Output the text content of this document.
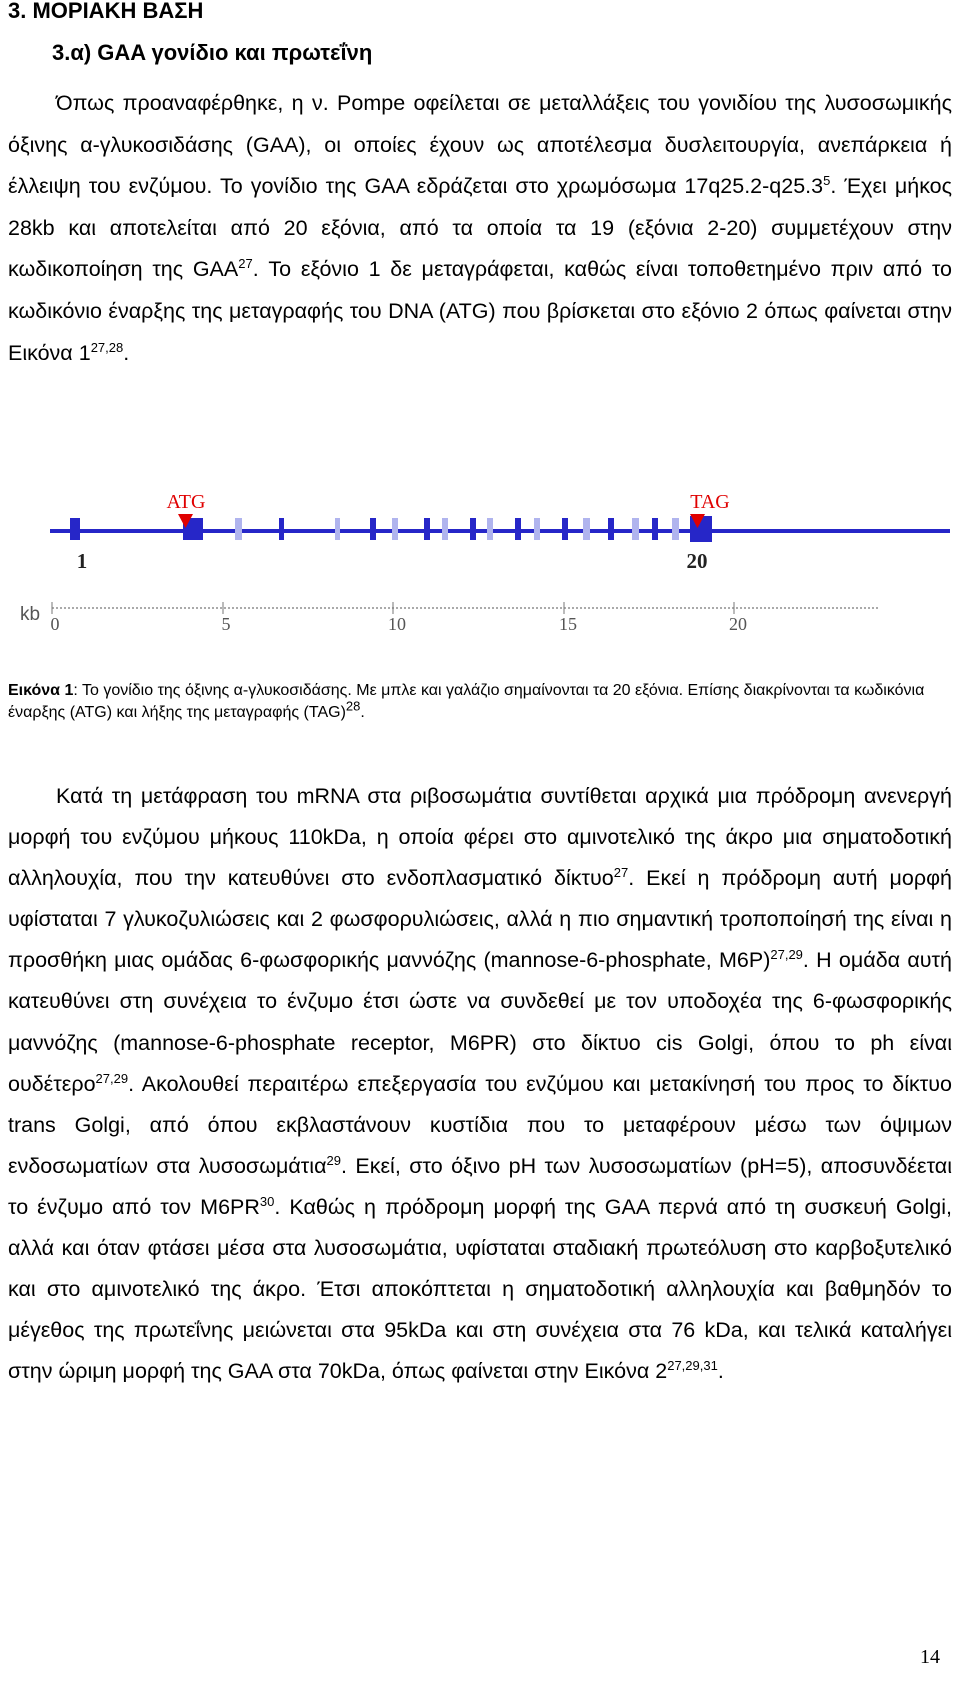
3. ΜΟΡΙΑΚΗ ΒΑΣΗ
3.α) GAA γονίδιο και πρωτεΐνη

Όπως προαναφέρθηκε, η ν. Pompe οφείλεται σε μεταλλάξεις του γονιδίου της λυσοσωμικής όξινης α-γλυκοσιδάσης (GAA), οι οποίες έχουν ως αποτέλεσμα δυσλειτουργία, ανεπάρκεια ή έλλειψη του ενζύμου. Το γονίδιο της GAA εδράζεται στο χρωμόσωμα 17q25.2-q25.3$^5$. Έχει μήκος 28kb και αποτελείται από 20 εξόνια, από τα οποία τα 19 (εξόνια 2-20) συμμετέχουν στην κωδικοποίηση της GAA$^{27}$. Το εξόνιο 1 δε μεταγράφεται, καθώς είναι τοποθετημένο πριν από το κωδικόνιο έναρξης της μεταγραφής του DNA (ATG) που βρίσκεται στο εξόνιο 2 όπως φαίνεται στην Εικόνα 1$^{27,28}$.

ATG	TAG
1	20
kb 0	5	10	15	20

Εικόνα 1: Το γονίδιο της όξινης α-γλυκοσιδάσης. Με μπλε και γαλάζιο σημαίνονται τα 20 εξόνια. Επίσης διακρίνονται τα κωδικόνια έναρξης (ATG) και λήξης της μεταγραφής (TAG)$^{28}$.

Κατά τη μετάφραση του mRNA στα ριβοσωμάτια συντίθεται αρχικά μια πρόδρομη ανενεργή μορφή του ενζύμου μήκους 110kDa, η οποία φέρει στο αμινοτελικό της άκρο μια σηματοδοτική αλληλουχία, που την κατευθύνει στο ενδοπλασματικό δίκτυο$^{27}$. Εκεί η πρόδρομη αυτή μορφή υφίσταται 7 γλυκοζυλιώσεις και 2 φωσφορυλιώσεις, αλλά η πιο σημαντική τροποποίησή της είναι η προσθήκη μιας ομάδας 6-φωσφορικής μαννόζης (mannose-6-phosphate, M6P)$^{27,29}$. Η ομάδα αυτή κατευθύνει στη συνέχεια το ένζυμο έτσι ώστε να συνδεθεί με τον υποδοχέα της 6-φωσφορικής μαννόζης (mannose-6-phosphate receptor, M6PR) στο δίκτυο cis Golgi, όπου το ph είναι ουδέτερο$^{27,29}$. Ακολουθεί περαιτέρω επεξεργασία του ενζύμου και μετακίνησή του προς το δίκτυο trans Golgi, από όπου εκβλαστάνουν κυστίδια που το μεταφέρουν μέσω των όψιμων ενδοσωματίων στα λυσοσωμάτια$^{29}$. Εκεί, στο όξινο pH των λυσοσωματίων (pH=5), αποσυνδέεται το ένζυμο από τον M6PR$^{30}$. Καθώς η πρόδρομη μορφή της GAA περνά από τη συσκευή Golgi, αλλά και όταν φτάσει μέσα στα λυσοσωμάτια, υφίσταται σταδιακή πρωτεόλυση στο καρβοξυτελικό και στο αμινοτελικό της άκρο. Έτσι αποκόπτεται η σηματοδοτική αλληλουχία και βαθμηδόν το μέγεθος της πρωτεΐνης μειώνεται στα 95kDa και στη συνέχεια στα 76 kDa, και τελικά καταλήγει στην ώριμη μορφή της GAA στα 70kDa, όπως φαίνεται στην Εικόνα 2$^{27,29,31}$.

14
